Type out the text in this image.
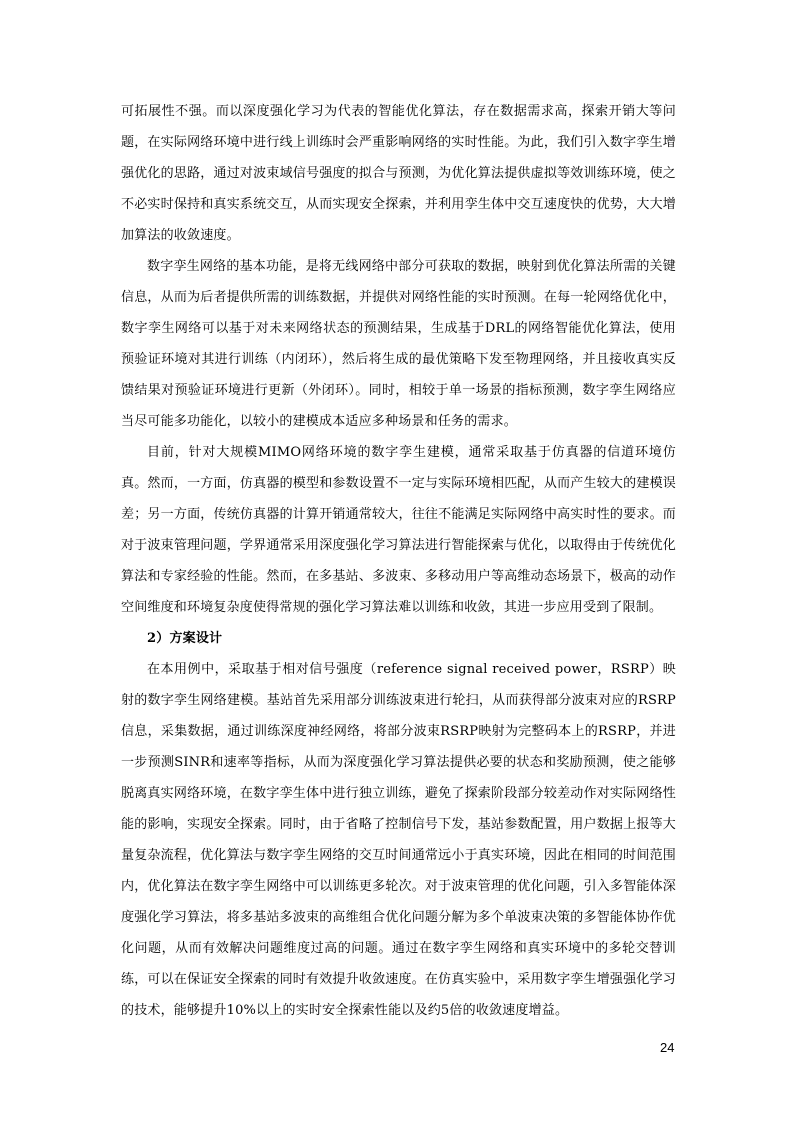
可拓展性不强。而以深度强化学习为代表的智能优化算法，存在数据需求高，探索开销大等问题，在实际网络环境中进行线上训练时会严重影响网络的实时性能。为此，我们引入数字孪生增强优化的思路，通过对波束域信号强度的拟合与预测，为优化算法提供虚拟等效训练环境，使之不必实时保持和真实系统交互，从而实现安全探索，并利用孪生体中交互速度快的优势，大大增加算法的收敛速度。

数字孪生网络的基本功能，是将无线网络中部分可获取的数据，映射到优化算法所需的关键信息，从而为后者提供所需的训练数据，并提供对网络性能的实时预测。在每一轮网络优化中，数字孪生网络可以基于对未来网络状态的预测结果，生成基于DRL的网络智能优化算法，使用预验证环境对其进行训练（内闭环），然后将生成的最优策略下发至物理网络，并且接收真实反馈结果对预验证环境进行更新（外闭环）。同时，相较于单一场景的指标预测，数字孪生网络应当尽可能多功能化，以较小的建模成本适应多种场景和任务的需求。

目前，针对大规模MIMO网络环境的数字孪生建模，通常采取基于仿真器的信道环境仿真。然而，一方面，仿真器的模型和参数设置不一定与实际环境相匹配，从而产生较大的建模误差；另一方面，传统仿真器的计算开销通常较大，往往不能满足实际网络中高实时性的要求。而对于波束管理问题，学界通常采用深度强化学习算法进行智能探索与优化，以取得由于传统优化算法和专家经验的性能。然而，在多基站、多波束、多移动用户等高维动态场景下，极高的动作空间维度和环境复杂度使得常规的强化学习算法难以训练和收敛，其进一步应用受到了限制。

2）方案设计

在本用例中，采取基于相对信号强度（reference signal received power，RSRP）映射的数字孪生网络建模。基站首先采用部分训练波束进行轮扫，从而获得部分波束对应的RSRP信息，采集数据，通过训练深度神经网络，将部分波束RSRP映射为完整码本上的RSRP，并进一步预测SINR和速率等指标，从而为深度强化学习算法提供必要的状态和奖励预测，使之能够脱离真实网络环境，在数字孪生体中进行独立训练，避免了探索阶段部分较差动作对实际网络性能的影响，实现安全探索。同时，由于省略了控制信号下发，基站参数配置，用户数据上报等大量复杂流程，优化算法与数字孪生网络的交互时间通常远小于真实环境，因此在相同的时间范围内，优化算法在数字孪生网络中可以训练更多轮次。对于波束管理的优化问题，引入多智能体深度强化学习算法，将多基站多波束的高维组合优化问题分解为多个单波束决策的多智能体协作优化问题，从而有效解决问题维度过高的问题。通过在数字孪生网络和真实环境中的多轮交替训练，可以在保证安全探索的同时有效提升收敛速度。在仿真实验中，采用数字孪生增强强化学习的技术，能够提升10%以上的实时安全探索性能以及约5倍的收敛速度增益。

24
